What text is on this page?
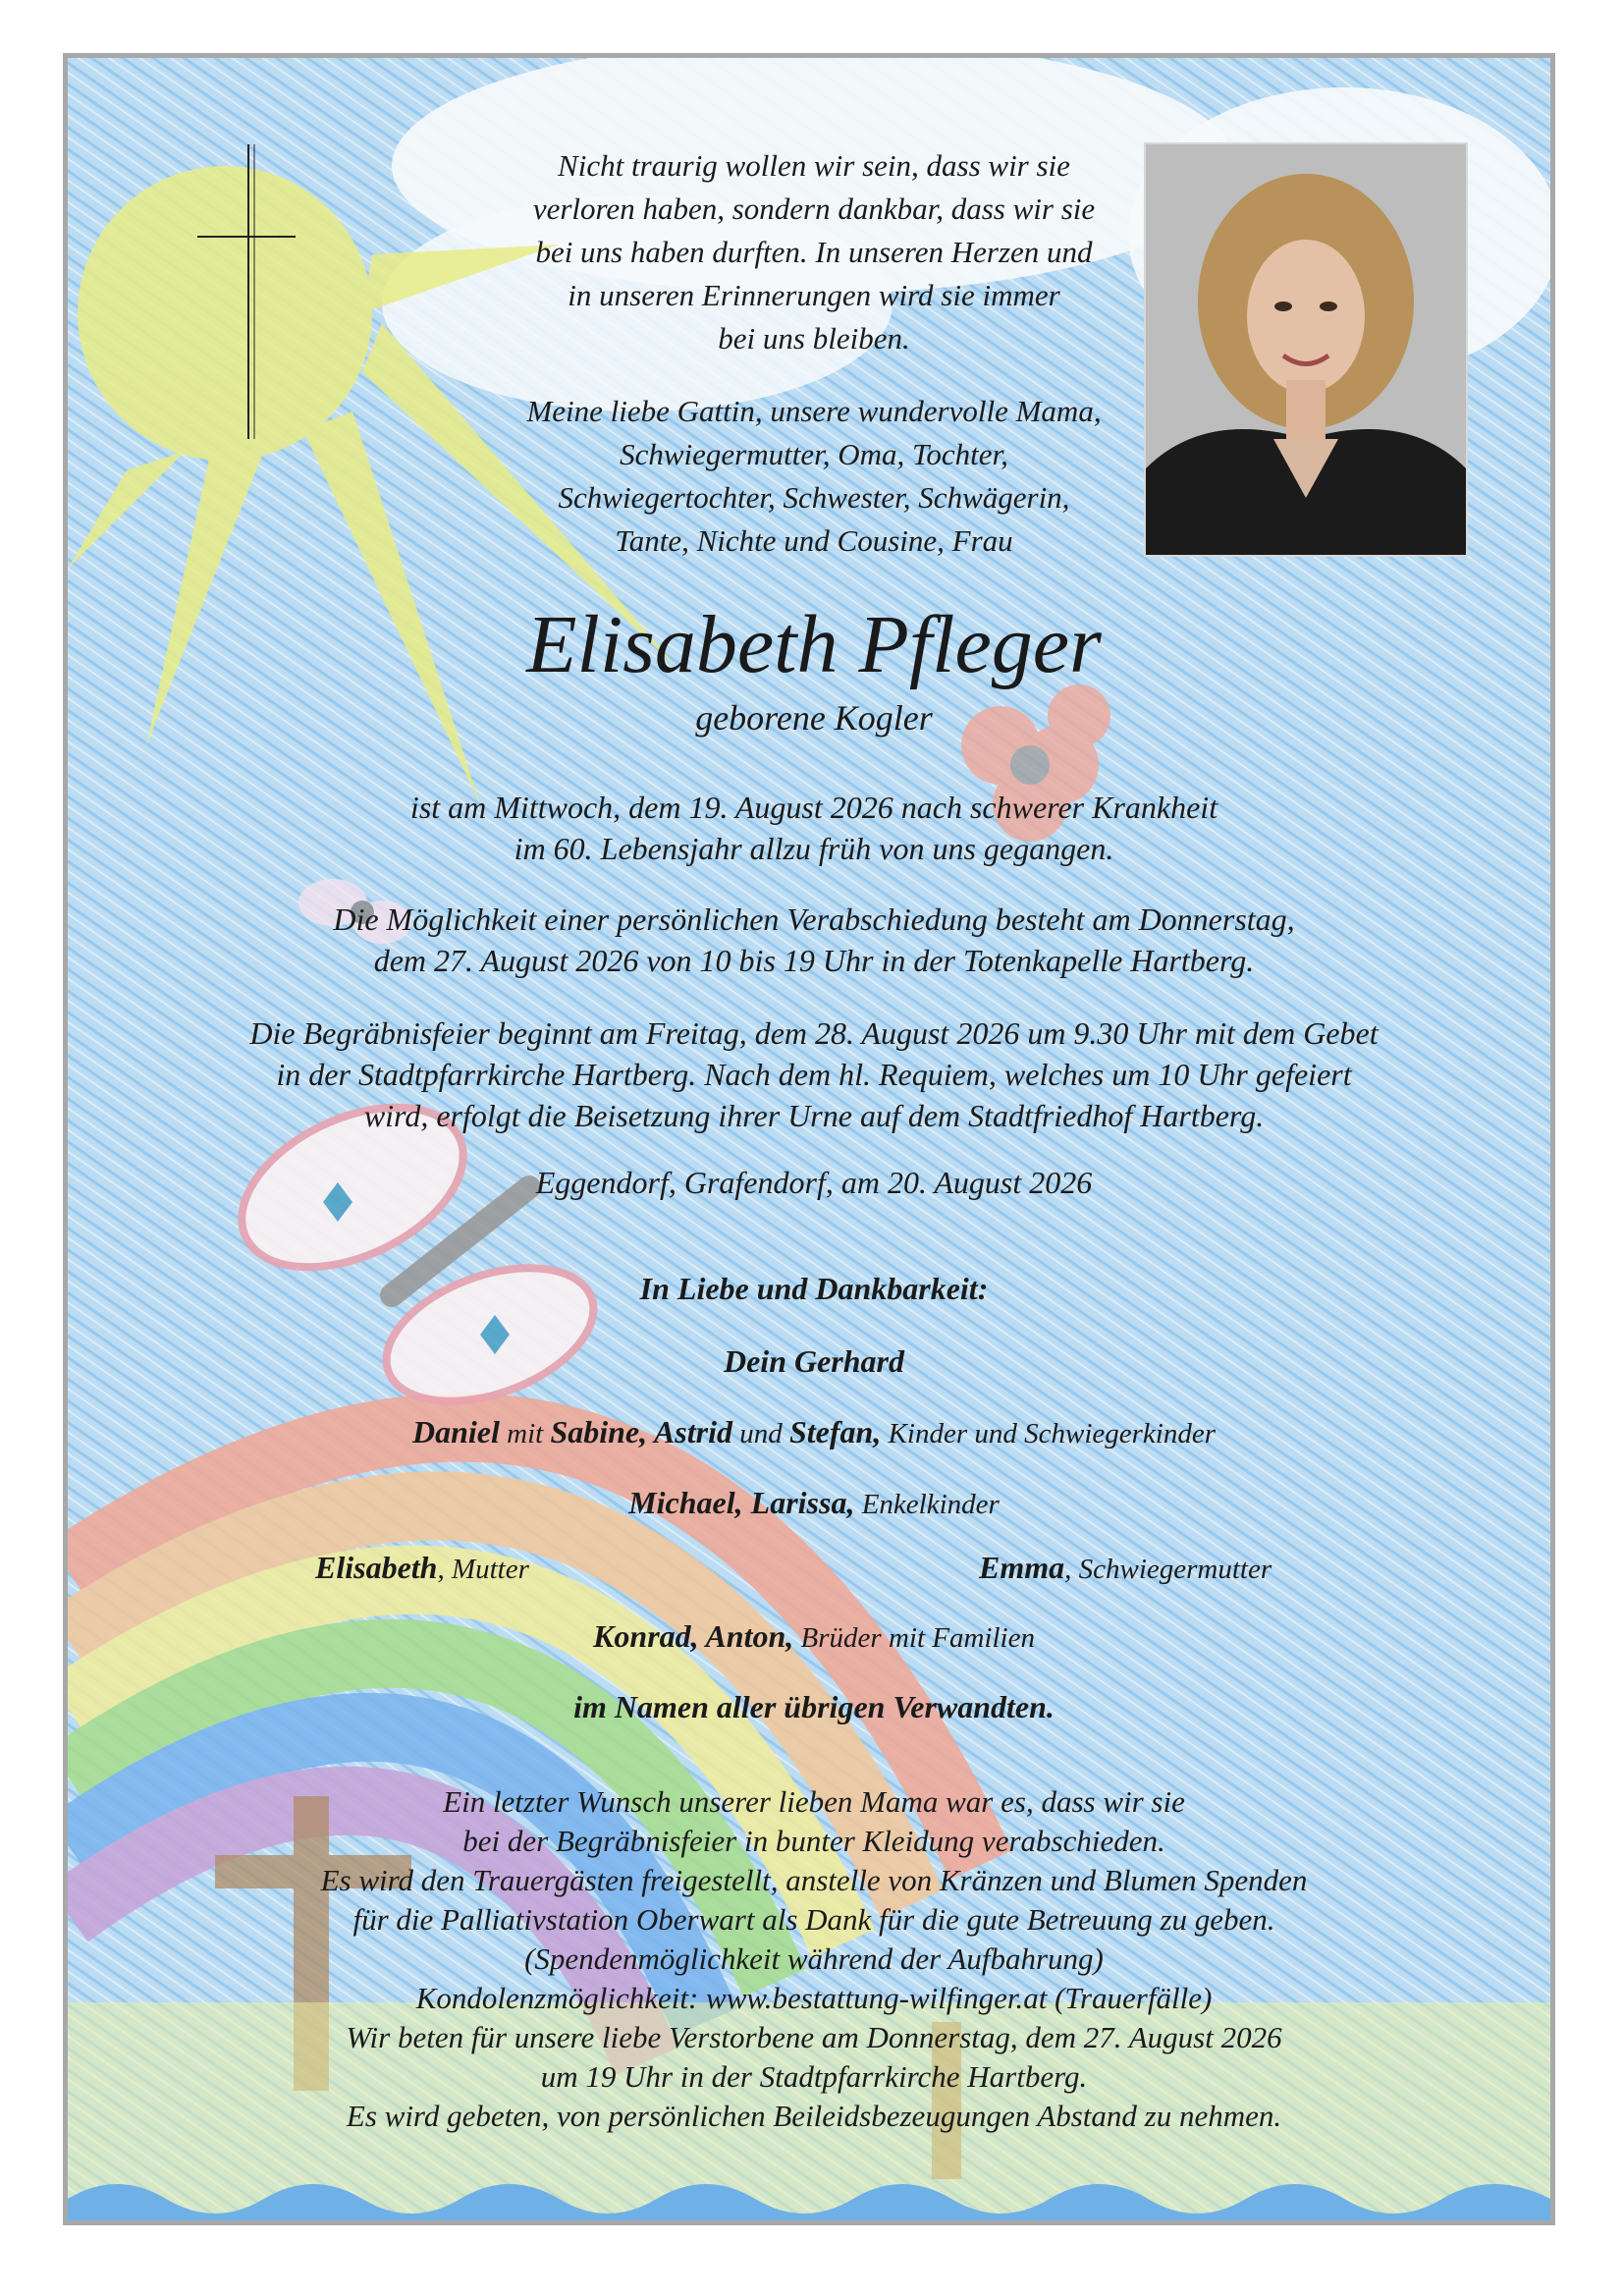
Nicht traurig wollen wir sein, dass wir sie
verloren haben, sondern dankbar, dass wir sie
bei uns haben durften. In unseren Herzen und
in unseren Erinnerungen wird sie immer
bei uns bleiben.
Meine liebe Gattin, unsere wundervolle Mama,
Schwiegermutter, Oma, Tochter,
Schwiegertochter, Schwester, Schwägerin,
Tante, Nichte und Cousine, Frau
Elisabeth Pfleger
geborene Kogler
ist am Mittwoch, dem 19. August 2026 nach schwerer Krankheit
im 60. Lebensjahr allzu früh von uns gegangen.
Die Möglichkeit einer persönlichen Verabschiedung besteht am Donnerstag,
dem 27. August 2026 von 10 bis 19 Uhr in der Totenkapelle Hartberg.
Die Begräbnisfeier beginnt am Freitag, dem 28. August 2026 um 9.30 Uhr mit dem Gebet
in der Stadtpfarrkirche Hartberg. Nach dem hl. Requiem, welches um 10 Uhr gefeiert
wird, erfolgt die Beisetzung ihrer Urne auf dem Stadtfriedhof Hartberg.
Eggendorf, Grafendorf, am 20. August 2026
In Liebe und Dankbarkeit:
Dein Gerhard
Daniel mit Sabine, Astrid und Stefan, Kinder und Schwiegerkinder
Michael, Larissa, Enkelkinder
Elisabeth, Mutter	Emma, Schwiegermutter
Konrad, Anton, Brüder mit Familien
im Namen aller übrigen Verwandten.
Ein letzter Wunsch unserer lieben Mama war es, dass wir sie
bei der Begräbnisfeier in bunter Kleidung verabschieden.
Es wird den Trauergästen freigestellt, anstelle von Kränzen und Blumen Spenden
für die Palliativstation Oberwart als Dank für die gute Betreuung zu geben.
(Spendenmöglichkeit während der Aufbahrung)
Kondolenzmöglichkeit: www.bestattung-wilfinger.at (Trauerfälle)
Wir beten für unsere liebe Verstorbene am Donnerstag, dem 27. August 2026
um 19 Uhr in der Stadtpfarrkirche Hartberg.
Es wird gebeten, von persönlichen Beileidsbezeugungen Abstand zu nehmen.
